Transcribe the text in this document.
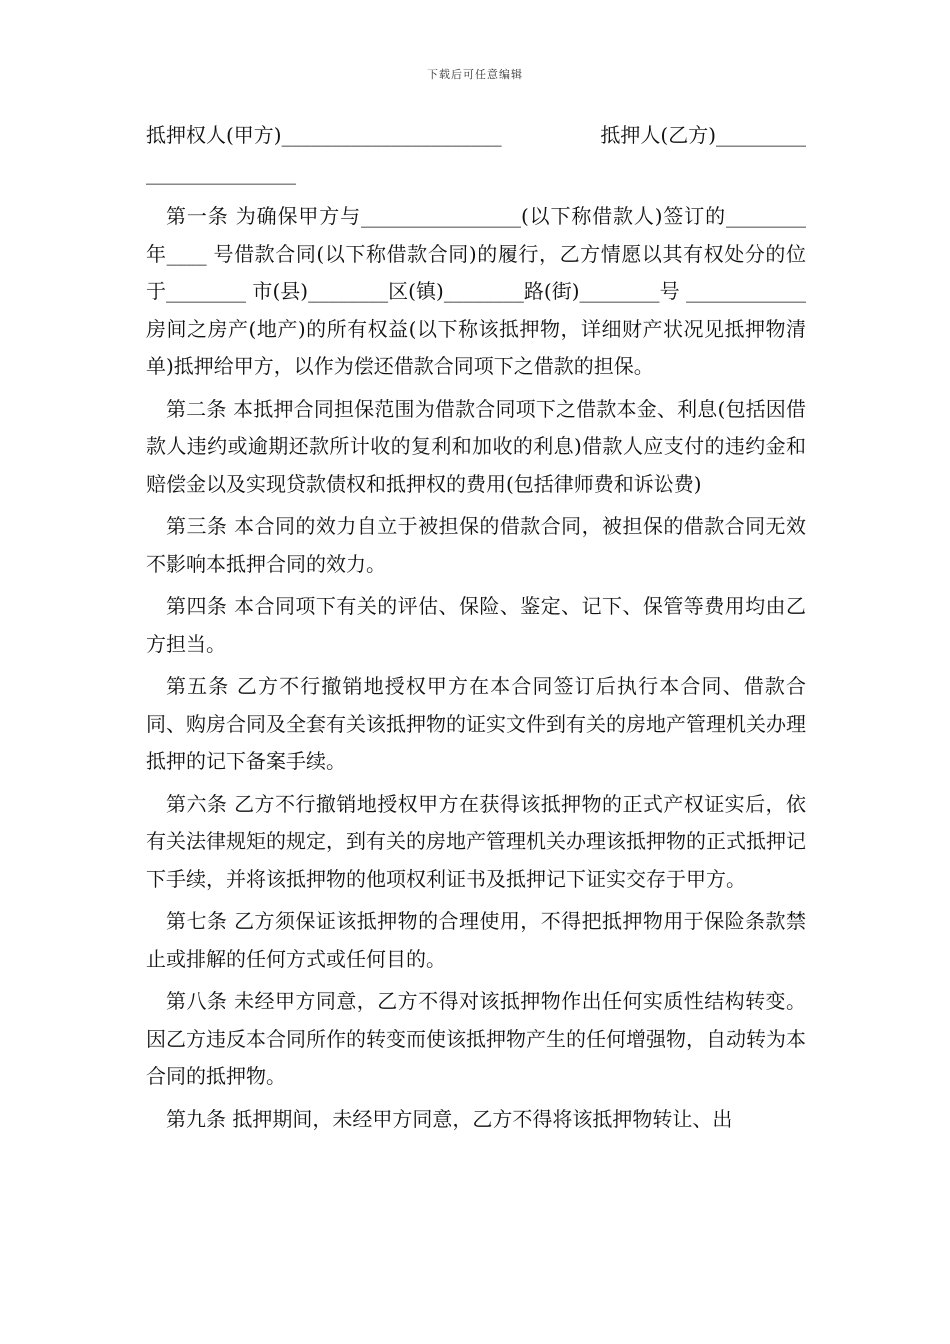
下载后可任意编辑
抵押权人(甲方)______________________	抵押人(乙方)_________
_______________

第一条 为确保甲方与________________(以下称借款人)签订的________年____ 号借款合同(以下称借款合同)的履行，乙方情愿以其有权处分的位于________ 市(县)________区(镇)________路(街)________号 ____________房间之房产(地产)的所有权益(以下称该抵押物，详细财产状况见抵押物清单)抵押给甲方，以作为偿还借款合同项下之借款的担保。

第二条 本抵押合同担保范围为借款合同项下之借款本金、利息(包括因借款人违约或逾期还款所计收的复利和加收的利息)借款人应支付的违约金和赔偿金以及实现贷款债权和抵押权的费用(包括律师费和诉讼费)

第三条 本合同的效力自立于被担保的借款合同，被担保的借款合同无效不影响本抵押合同的效力。

第四条 本合同项下有关的评估、保险、鉴定、记下、保管等费用均由乙方担当。

第五条 乙方不行撤销地授权甲方在本合同签订后执行本合同、借款合同、购房合同及全套有关该抵押物的证实文件到有关的房地产管理机关办理抵押的记下备案手续。

第六条 乙方不行撤销地授权甲方在获得该抵押物的正式产权证实后，依有关法律规矩的规定，到有关的房地产管理机关办理该抵押物的正式抵押记下手续，并将该抵押物的他项权利证书及抵押记下证实交存于甲方。

第七条 乙方须保证该抵押物的合理使用，不得把抵押物用于保险条款禁止或排解的任何方式或任何目的。

第八条 未经甲方同意，乙方不得对该抵押物作出任何实质性结构转变。因乙方违反本合同所作的转变而使该抵押物产生的任何增强物，自动转为本合同的抵押物。

第九条 抵押期间，未经甲方同意，乙方不得将该抵押物转让、出
